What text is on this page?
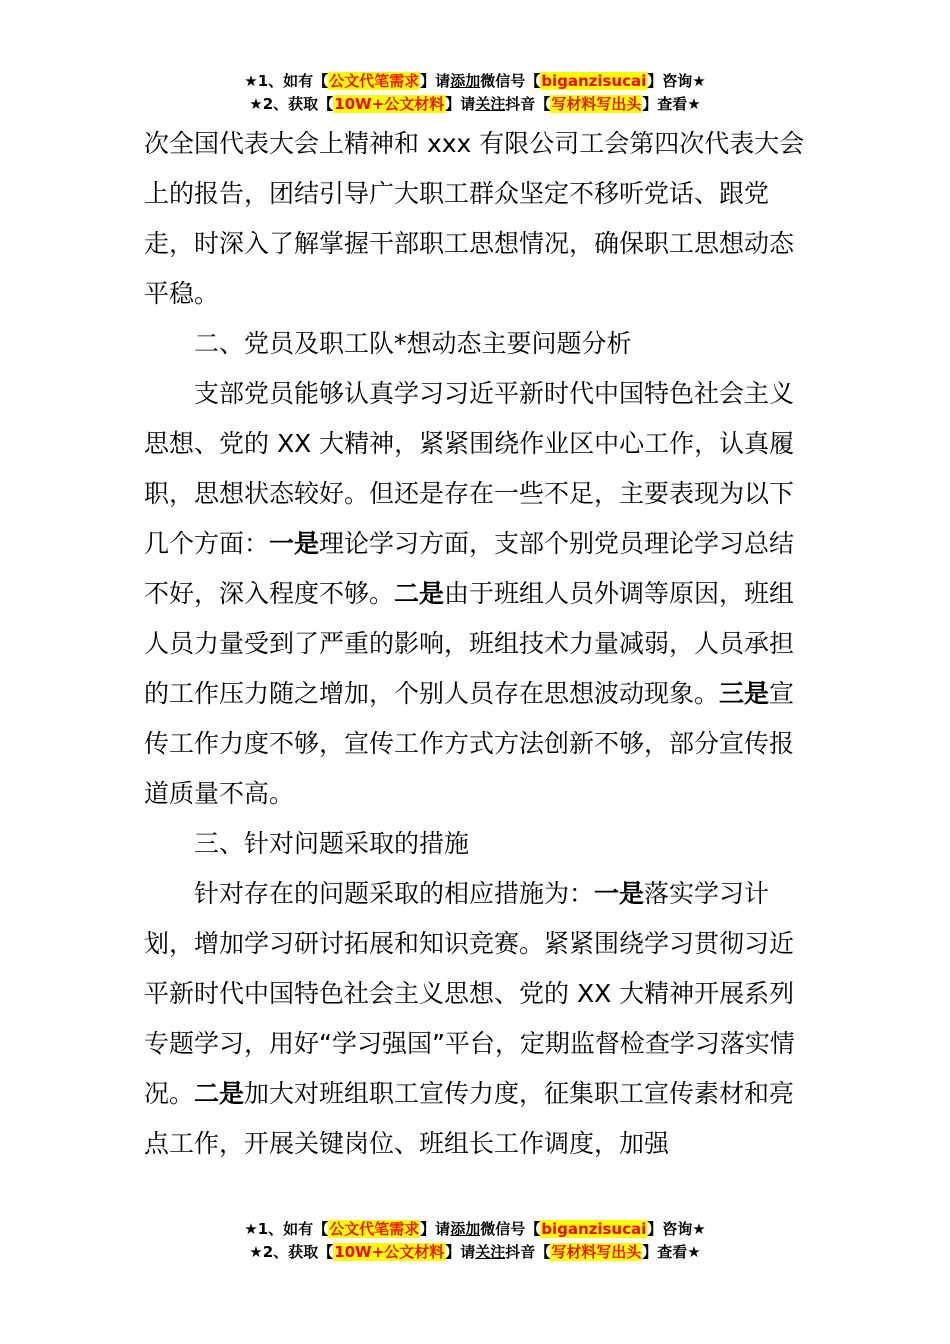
★1、如有【公文代笔需求】请添加微信号【biganzisucai】咨询★
★2、获取【10W+公文材料】请关注抖音【写材料写出头】查看★

次全国代表大会上精神和 xxx 有限公司工会第四次代表大会上的报告，团结引导广大职工群众坚定不移听党话、跟党走，时深入了解掌握干部职工思想情况，确保职工思想动态平稳。

二、党员及职工队*想动态主要问题分析

支部党员能够认真学习习近平新时代中国特色社会主义思想、党的 XX 大精神，紧紧围绕作业区中心工作，认真履职，思想状态较好。但还是存在一些不足，主要表现为以下几个方面：一是理论学习方面，支部个别党员理论学习总结不好，深入程度不够。二是由于班组人员外调等原因，班组人员力量受到了严重的影响，班组技术力量减弱，人员承担的工作压力随之增加，个别人员存在思想波动现象。三是宣传工作力度不够，宣传工作方式方法创新不够，部分宣传报道质量不高。

三、针对问题采取的措施

针对存在的问题采取的相应措施为：一是落实学习计划，增加学习研讨拓展和知识竞赛。紧紧围绕学习贯彻习近平新时代中国特色社会主义思想、党的 XX 大精神开展系列专题学习，用好“学习强国”平台，定期监督检查学习落实情况。二是加大对班组职工宣传力度，征集职工宣传素材和亮点工作，开展关键岗位、班组长工作调度，加强

★1、如有【公文代笔需求】请添加微信号【biganzisucai】咨询★
★2、获取【10W+公文材料】请关注抖音【写材料写出头】查看★
